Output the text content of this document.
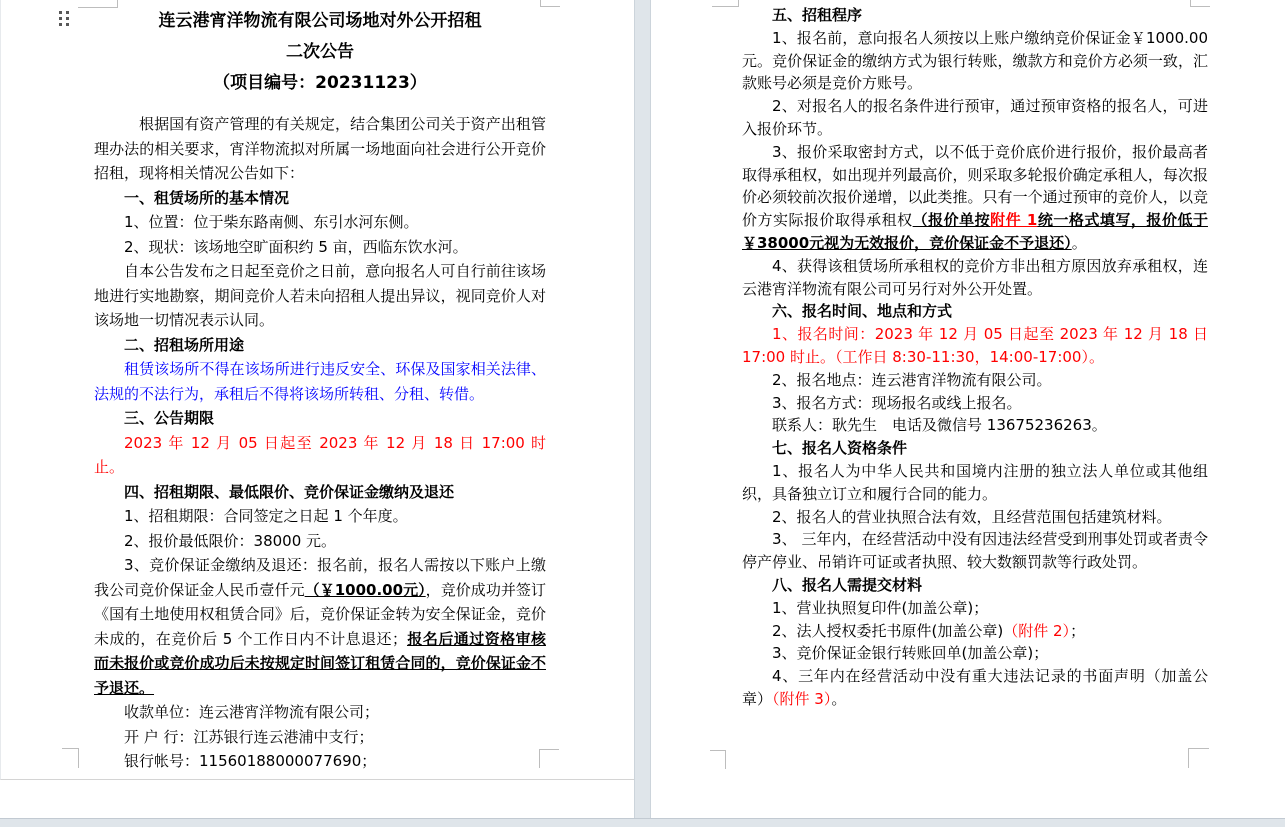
连云港宵洋物流有限公司场地对外公开招租
二次公告
（项目编号：20231123）
根据国有资产管理的有关规定，结合集团公司关于资产出租管理办法的相关要求，宵洋物流拟对所属一场地面向社会进行公开竞价招租，现将相关情况公告如下：
一、租赁场所的基本情况
1、位置：位于柴东路南侧、东引水河东侧。
2、现状：该场地空旷面积约 5 亩，西临东饮水河。
自本公告发布之日起至竞价之日前，意向报名人可自行前往该场地进行实地勘察，期间竞价人若未向招租人提出异议，视同竞价人对该场地一切情况表示认同。
二、招租场所用途
租赁该场所不得在该场所进行违反安全、环保及国家相关法律、法规的不法行为，承租后不得将该场所转租、分租、转借。
三、公告期限
2023 年 12 月 05 日起至 2023 年 12 月 18 日 17:00 时止。
四、招租期限、最低限价、竞价保证金缴纳及退还
1、招租期限：合同签定之日起 1 个年度。
2、报价最低限价：38000 元。
3、竞价保证金缴纳及退还：报名前，报名人需按以下账户上缴我公司竞价保证金人民币壹仟元（￥1000.00元），竞价成功并签订《国有土地使用权租赁合同》后，竞价保证金转为安全保证金，竞价未成的，在竞价后 5 个工作日内不计息退还；报名后通过资格审核而未报价或竞价成功后未按规定时间签订租赁合同的，竞价保证金不予退还。
收款单位：连云港宵洋物流有限公司；
开 户 行：江苏银行连云港浦中支行；
银行帐号：11560188000077690；
五、招租程序
1、报名前，意向报名人须按以上账户缴纳竞价保证金￥1000.00元。竞价保证金的缴纳方式为银行转账，缴款方和竞价方必须一致，汇款账号必须是竞价方账号。
2、对报名人的报名条件进行预审，通过预审资格的报名人，可进入报价环节。
3、报价采取密封方式，以不低于竞价底价进行报价，报价最高者取得承租权，如出现并列最高价，则采取多轮报价确定承租人，每次报价必须较前次报价递增，以此类推。只有一个通过预审的竞价人，以竞价方实际报价取得承租权（报价单按附件 1统一格式填写，报价低于￥38000元视为无效报价，竞价保证金不予退还）。
4、获得该租赁场所承租权的竞价方非出租方原因放弃承租权，连云港宵洋物流有限公司可另行对外公开处置。
六、报名时间、地点和方式
1、报名时间：2023 年 12 月 05 日起至 2023 年 12 月 18 日 17:00 时止。（工作日 8:30-11:30，14:00-17:00）。
2、报名地点：连云港宵洋物流有限公司。
3、报名方式：现场报名或线上报名。
联系人：耿先生　电话及微信号 13675236263。
七、报名人资格条件
1、报名人为中华人民共和国境内注册的独立法人单位或其他组织，具备独立订立和履行合同的能力。
2、报名人的营业执照合法有效，且经营范围包括建筑材料。
3、 三年内，在经营活动中没有因违法经营受到刑事处罚或者责令停产停业、吊销许可证或者执照、较大数额罚款等行政处罚。
八、报名人需提交材料
1、营业执照复印件(加盖公章)；
2、法人授权委托书原件(加盖公章)（附件 2）；
3、竞价保证金银行转账回单(加盖公章)；
4、三年内在经营活动中没有重大违法记录的书面声明（加盖公章）（附件 3）。
